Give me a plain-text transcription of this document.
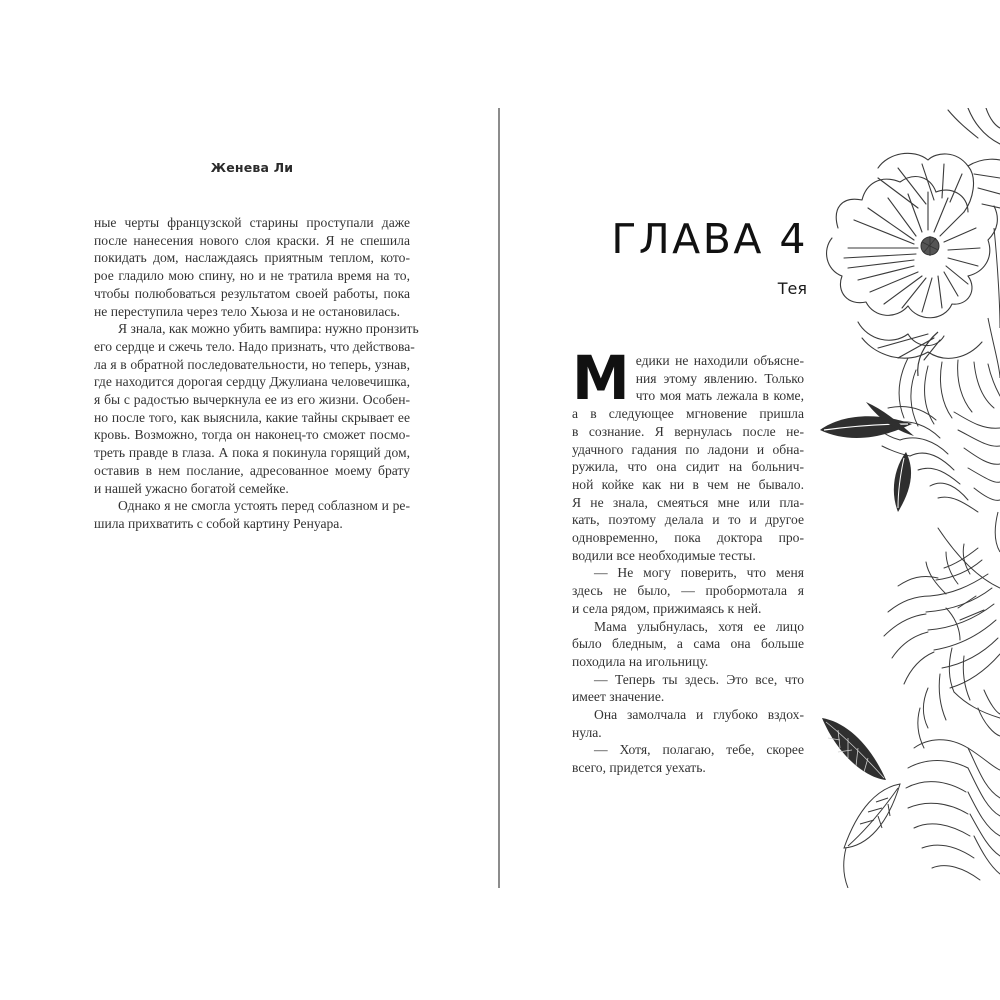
Женева Ли

ные черты французской старины проступали даже
после нанесения нового слоя краски. Я не спешила
покидать дом, наслаждаясь приятным теплом, кото-
рое гладило мою спину, но и не тратила время на то,
чтобы полюбоваться результатом своей работы, пока
не переступила через тело Хьюза и не остановилась.

Я знала, как можно убить вампира: нужно пронзить
его сердце и сжечь тело. Надо признать, что действова-
ла я в обратной последовательности, но теперь, узнав,
где находится дорогая сердцу Джулиана человечишка,
я бы с радостью вычеркнула ее из его жизни. Особен-
но после того, как выяснила, какие тайны скрывает ее
кровь. Возможно, тогда он наконец-то сможет посмо-
треть правде в глаза. А пока я покинула горящий дом,
оставив в нем послание, адресованное моему брату
и нашей ужасно богатой семейке.

Однако я не смогла устоять перед соблазном и ре-
шила прихватить с собой картину Ренуара.

ГЛАВА 4
Тея
М едики не находили объясне-
ния этому явлению. Только
что моя мать лежала в коме,
а в следующее мгновение пришла
в сознание. Я вернулась после не-
удачного гадания по ладони и обна-
ружила, что она сидит на больнич-
ной койке как ни в чем не бывало.
Я не знала, смеяться мне или пла-
кать, поэтому делала и то и другое
одновременно, пока доктора про-
водили все необходимые тесты.

— Не могу поверить, что меня
здесь не было, — пробормотала я
и села рядом, прижимаясь к ней.

Мама улыбнулась, хотя ее лицо
было бледным, а сама она больше
походила на игольницу.

— Теперь ты здесь. Это все, что
имеет значение.

Она замолчала и глубоко вздох-
нула.

— Хотя, полагаю, тебе, скорее
всего, придется уехать.
